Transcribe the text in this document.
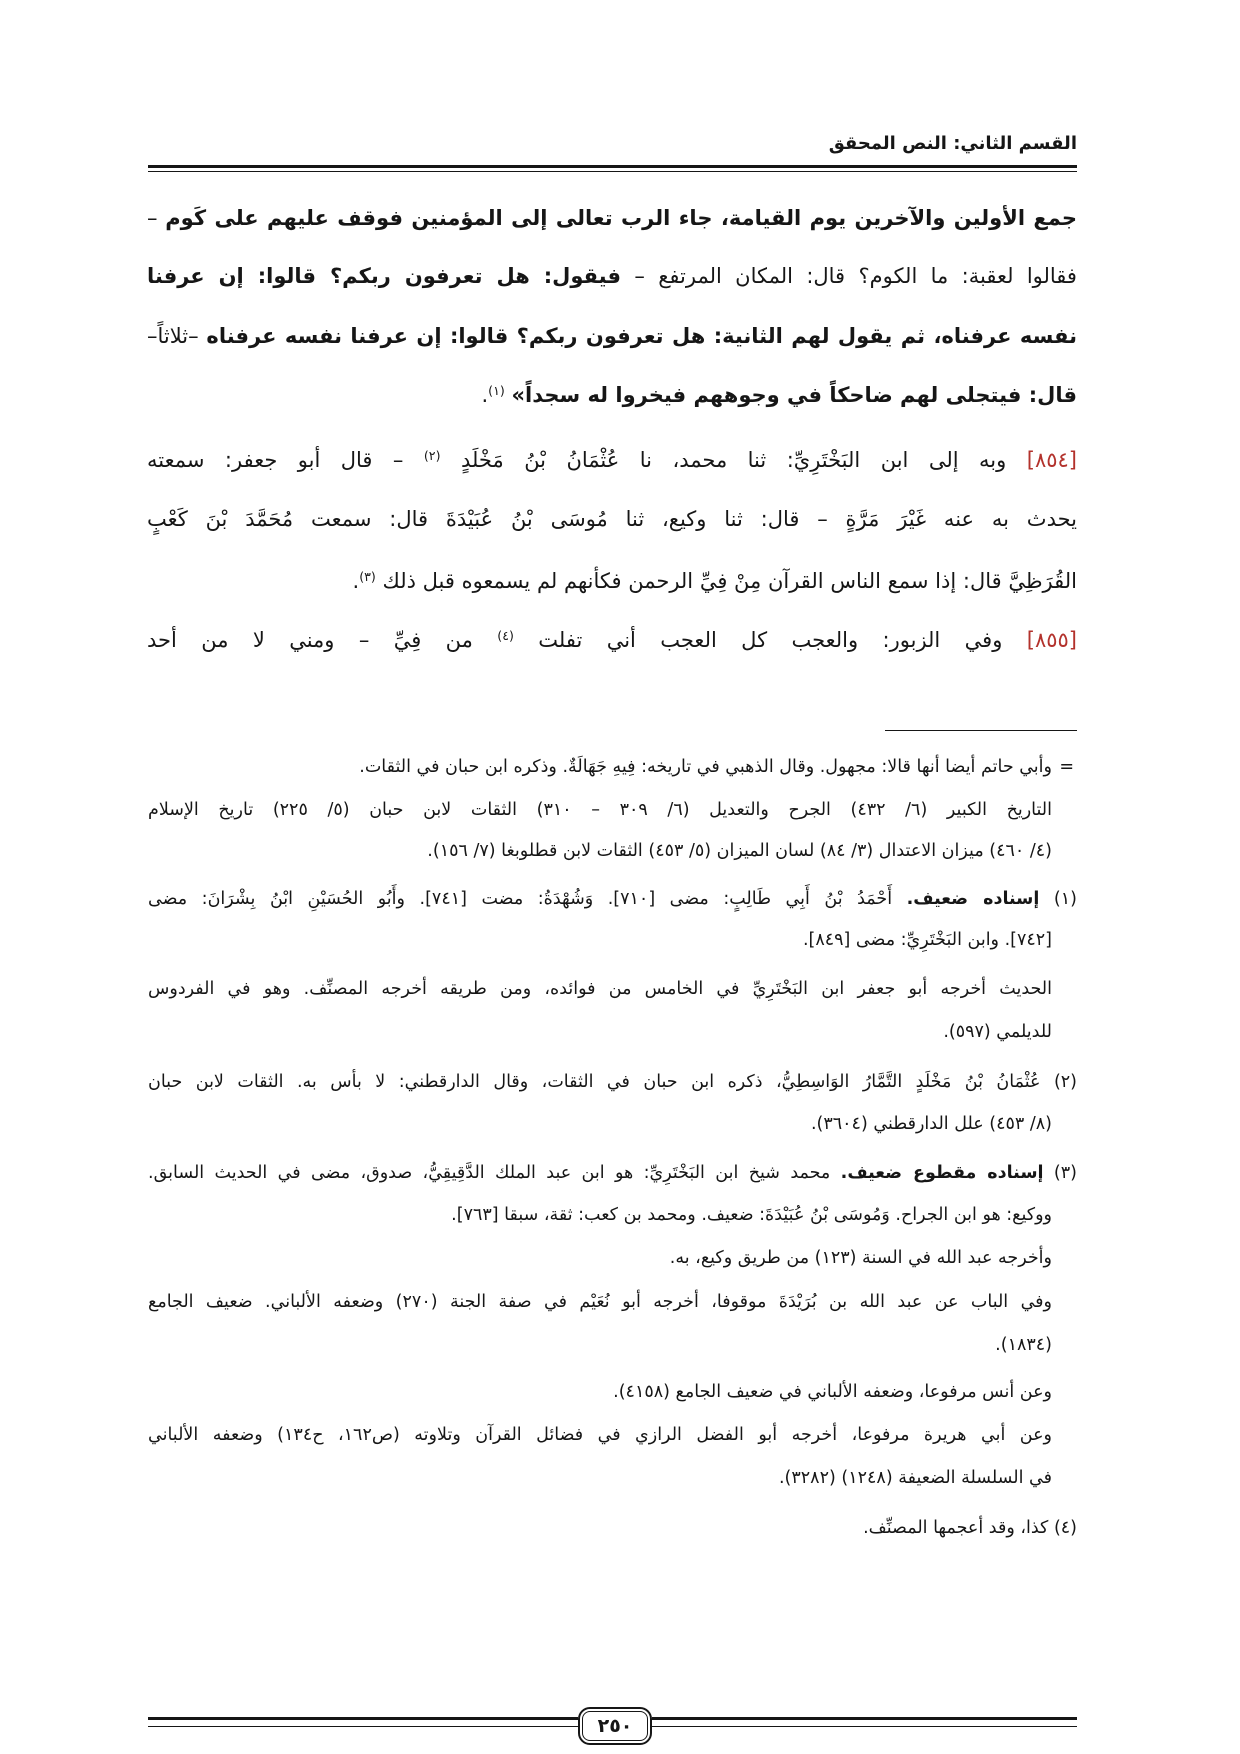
القسم الثاني: النص المحقق
جمع الأولين والآخرين يوم القيامة، جاء الرب تعالى إلى المؤمنين فوقف عليهم على كَوم –
فقالوا لعقبة: ما الكوم؟ قال: المكان المرتفع – فيقول: هل تعرفون ربكم؟ قالوا: إن عرفنا
نفسه عرفناه، ثم يقول لهم الثانية: هل تعرفون ربكم؟ قالوا: إن عرفنا نفسه عرفناه –ثلاثاً–
قال: فيتجلى لهم ضاحكاً في وجوههم فيخروا له سجداً» $^{(١)}$.
[٨٥٤] وبه إلى ابن البَخْتَرِيِّ: ثنا محمد، نا عُثْمَانُ بْنُ مَخْلَدٍ $^{(٢)}$ – قال أبو جعفر: سمعته
يحدث به عنه غَيْرَ مَرَّةٍ – قال: ثنا وكيع، ثنا مُوسَى بْنُ عُبَيْدَةَ قال: سمعت مُحَمَّدَ بْنَ كَعْبٍ
القُرَظِيَّ قال: إذا سمع الناس القرآن مِنْ فِيِّ الرحمن فكأنهم لم يسمعوه قبل ذلك $^{(٣)}$.
[٨٥٥] وفي الزبور: والعجب كل العجب أني تفلت $^{(٤)}$ من فِيِّ – ومني لا من أحد
=
وأبي حاتم أيضا أنها قالا: مجهول. وقال الذهبي في تاريخه: فِيهِ جَهَالَةٌ. وذكره ابن حبان في الثقات.
التاريخ الكبير (٦/ ٤٣٢) الجرح والتعديل (٦/ ٣٠٩ – ٣١٠) الثقات لابن حبان (٥/ ٢٢٥) تاريخ الإسلام
(٤/ ٤٦٠) ميزان الاعتدال (٣/ ٨٤) لسان الميزان (٥/ ٤٥٣) الثقات لابن قطلوبغا (٧/ ١٥٦).
(١) إسناده ضعيف. أَحْمَدُ بْنُ أَبِي طَالِبٍ: مضى [٧١٠]. وَشُهْدَةُ: مضت [٧٤١]. وأَبُو الحُسَيْنِ ابْنُ بِشْرَانَ: مضى
[٧٤٢]. وابن البَخْتَرِيِّ: مضى [٨٤٩].
الحديث أخرجه أبو جعفر ابن البَخْتَرِيِّ في الخامس من فوائده، ومن طريقه أخرجه المصنِّف. وهو في الفردوس
للديلمي (٥٩٧).
(٢) عُثْمَانُ بْنُ مَخْلَدٍ التَّمَّارُ الوَاسِطِيُّ، ذكره ابن حبان في الثقات، وقال الدارقطني: لا بأس به. الثقات لابن حبان
(٨/ ٤٥٣) علل الدارقطني (٣٦٠٤).
(٣) إسناده مقطوع ضعيف. محمد شيخ ابن البَخْتَرِيِّ: هو ابن عبد الملك الدَّقِيقِيُّ، صدوق، مضى في الحديث السابق.
ووكيع: هو ابن الجراح. وَمُوسَى بْنُ عُبَيْدَةَ: ضعيف. ومحمد بن كعب: ثقة، سبقا [٧٦٣].
وأخرجه عبد الله في السنة (١٢٣) من طريق وكيع، به.
وفي الباب عن عبد الله بن بُرَيْدَةَ موقوفا، أخرجه أبو نُعَيْم في صفة الجنة (٢٧٠) وضعفه الألباني. ضعيف الجامع
(١٨٣٤).
وعن أنس مرفوعا، وضعفه الألباني في ضعيف الجامع (٤١٥٨).
وعن أبي هريرة مرفوعا، أخرجه أبو الفضل الرازي في فضائل القرآن وتلاوته (ص١٦٢، ح١٣٤) وضعفه الألباني
في السلسلة الضعيفة (١٢٤٨) (٣٢٨٢).
(٤) كذا، وقد أعجمها المصنِّف.
٢٥٠
